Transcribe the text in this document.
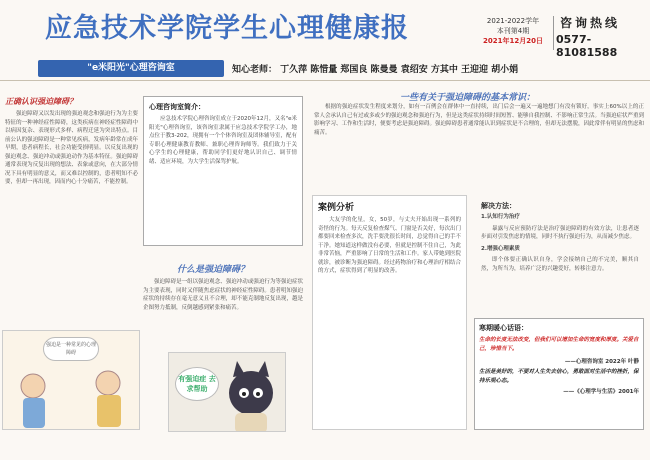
应急技术学院学生心理健康报	2021-2022学年
本刊第4期
2021年12月20日
咨询热线
0577-81081588
"e米阳光"心理咨询室	知心老师： 丁久萍 陈惜量 郑国良 陈曼曼 袁绍安 方其中 王迎迎 胡小娟
正确认识强迫障碍？
强迫障碍又以发出现的强迫观念和强迫行为为主要特征的一种神经症性障碍，这类疾病在神经症性障碍中以病因复杂、表现形式多样、病程迁延为突出特点。目前公认的强迫障碍是一种常见疾病，发病年龄常在成年早期，患者病程长，社会功能受损明显。以反复出现的强迫观念、强迫冲动或强迫动作为基本特征。强迫障碍通常表现为反复出现的想法、表象或意向，在大部分情况下具有明显的意义，而又难以控制的，患者明知不必要，但却一再出现，因而内心十分痛苦，不能控制。
心理咨询室简介：
应急技术学院心理咨询室成立于2020年12月，又名"e米阳光"心理咨询室，该咨询室隶属于应急技术学院学工办，地点位于教3-202，现拥有一个个体咨询室及团体辅导室，配有专职心理健康教育教师、兼职心理咨询师等。我们致力于关心学生的心理健康，帮助同学们更好地认识自己、调节情绪、适应环境，为大学生活保驾护航。
什么是强迫障碍？
强迫障碍是一组以强迫观念、强迫冲动或强迫行为等强迫症状为主要表现，同时又伴随焦虑症状的神经症性障碍。患者明知强迫症状的持续存在毫无意义且不合理，却不能克制地反复出现，越是企图努力抵制，反倒越感到紧张和痛苦。
一些有关于强迫障碍的基本常识：
根据的强迫症状发生程度来划分，如有一百例会在群体中一直持续，出门后会一遍又一遍地想门有没有锁好，事实上60%以上的正常人会承认自己有过或多或少的强迫观念和强迫行为，但是这类症状持续时间短暂、能够自我控制、不影响正常生活。当强迫症状严重到影响学习、工作和生活时，便要考虑是强迫障碍。强迫障碍患者通常能认识到症状是不合理的，但却无法摆脱，因此常伴有明显的焦虑和痛苦。
案例分析
大友学的化星，女，50岁，与丈夫开始出现一系列的奇怪的行为。每天反复检查煤气、门窗是否关好，每次出门都要回来检查多次，洗手要洗很长时间，总觉得自己的手不干净。她知道这样做没有必要，但就是控制不住自己，为此非常苦恼，严重影响了日常的生活和工作。家人带她到医院就诊，被诊断为强迫障碍。经过药物治疗和心理治疗相结合的方式，症状得到了明显的改善。
解决方法：
1.认知行为治疗
暴露与反应预防疗法是治疗强迫障碍的有效方法，让患者逐步面对引发焦虑的情境，同时不执行强迫行为，从而减少焦虑。
2.增强心理素质
即个体要正确认识自身，学会接纳自己的不完美，顺其自然，为所当为，培养广泛的兴趣爱好，转移注意力。
寒期暖心话语：
生命的长度无法改变，但我们可以增加生命的宽度和厚度。关爱自己，珍惜当下。
——心理咨询室 2022年 叶静
生活是美好的，不要对人生失去信心，勇敢面对生活中的挫折，保持乐观心态。
——《心理学与生活》2001年
强迫是一种常见的心理障碍
有强迫症 去求帮助
